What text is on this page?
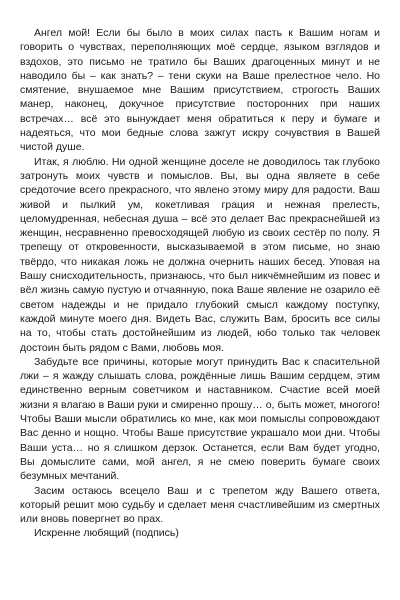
Ангел мой! Если бы было в моих силах пасть к Вашим ногам и говорить о чувствах, переполняющих моё сердце, языком взглядов и вздохов, это письмо не тратило бы Ваших драгоценных минут и не наводило бы – как знать? – тени скуки на Ваше прелестное чело. Но смятение, внушаемое мне Вашим присутствием, строгость Ваших манер, наконец, докучное присутствие посторонних при наших встречах… всё это вынуждает меня обратиться к перу и бумаге и надеяться, что мои бедные слова зажгут искру сочувствия в Вашей чистой душе.

Итак, я люблю. Ни одной женщине доселе не доводилось так глубоко затронуть моих чувств и помыслов. Вы, вы одна являете в себе средоточие всего прекрасного, что явлено этому миру для радости. Ваш живой и пылкий ум, кокетливая грация и нежная прелесть, целомудренная, небесная душа – всё это делает Вас прекраснейшей из женщин, несравненно превосходящей любую из своих сестёр по полу. Я трепещу от откровенности, высказываемой в этом письме, но знаю твёрдо, что никакая ложь не должна очернить наших бесед. Уповая на Вашу снисходительность, признаюсь, что был никчёмнейшим из повес и вёл жизнь самую пустую и отчаянную, пока Ваше явление не озарило её светом надежды и не придало глубокий смысл каждому поступку, каждой минуте моего дня. Видеть Вас, служить Вам, бросить все силы на то, чтобы стать достойнейшим из людей, юбо только так человек достоин быть рядом с Вами, любовь моя.

Забудьте все причины, которые могут принудить Вас к спасительной лжи – я жажду слышать слова, рождённые лишь Вашим сердцем, этим единственно верным советчиком и наставником. Счастие всей моей жизни я влагаю в Ваши руки и смиренно прошу… о, быть может, многого! Чтобы Ваши мысли обратились ко мне, как мои помыслы сопровождают Вас денно и нощно. Чтобы Ваше присутствие украшало мои дни. Чтобы Ваши уста… но я слишком дерзок. Останется, если Вам будет угодно, Вы домыслите сами, мой ангел, я не смею поверить бумаге своих безумных мечтаний.

Засим остаюсь всецело Ваш и с трепетом жду Вашего ответа, который решит мою судьбу и сделает меня счастливейшим из смертных или вновь повергнет во прах.

Искренне любящий (подпись)
